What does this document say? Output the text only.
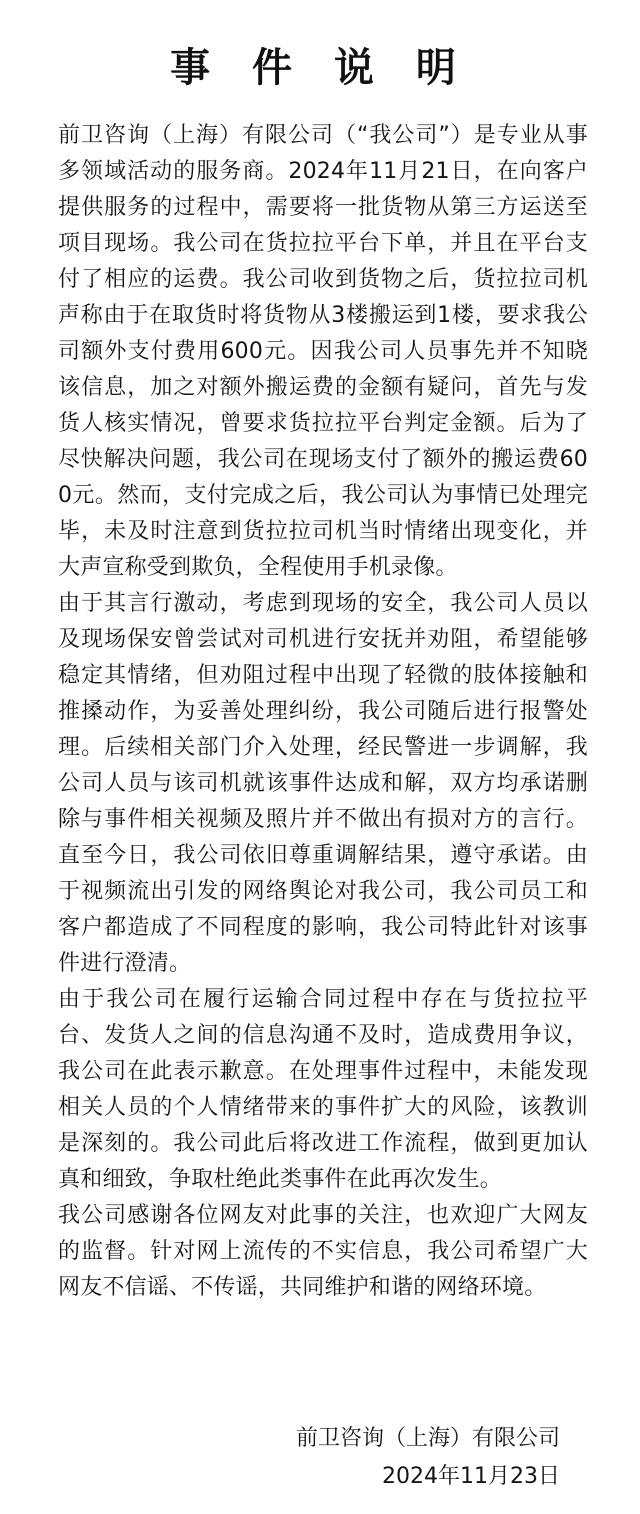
事 件 说 明

前卫咨询（上海）有限公司（“我公司”）是专业从事多领域活动的服务商。2024年11月21日，在向客户提供服务的过程中，需要将一批货物从第三方运送至项目现场。我公司在货拉拉平台下单，并且在平台支付了相应的运费。我公司收到货物之后，货拉拉司机声称由于在取货时将货物从3楼搬运到1楼，要求我公司额外支付费用600元。因我公司人员事先并不知晓该信息，加之对额外搬运费的金额有疑问，首先与发货人核实情况，曾要求货拉拉平台判定金额。后为了尽快解决问题，我公司在现场支付了额外的搬运费600元。然而，支付完成之后，我公司认为事情已处理完毕，未及时注意到货拉拉司机当时情绪出现变化，并大声宣称受到欺负，全程使用手机录像。

由于其言行激动，考虑到现场的安全，我公司人员以及现场保安曾尝试对司机进行安抚并劝阻，希望能够稳定其情绪，但劝阻过程中出现了轻微的肢体接触和推搡动作，为妥善处理纠纷，我公司随后进行报警处理。后续相关部门介入处理，经民警进一步调解，我公司人员与该司机就该事件达成和解，双方均承诺删除与事件相关视频及照片并不做出有损对方的言行。直至今日，我公司依旧尊重调解结果，遵守承诺。由于视频流出引发的网络舆论对我公司，我公司员工和客户都造成了不同程度的影响，我公司特此针对该事件进行澄清。

由于我公司在履行运输合同过程中存在与货拉拉平台、发货人之间的信息沟通不及时，造成费用争议，我公司在此表示歉意。在处理事件过程中，未能发现相关人员的个人情绪带来的事件扩大的风险，该教训是深刻的。我公司此后将改进工作流程，做到更加认真和细致，争取杜绝此类事件在此再次发生。

我公司感谢各位网友对此事的关注，也欢迎广大网友的监督。针对网上流传的不实信息，我公司希望广大网友不信谣、不传谣，共同维护和谐的网络环境。

前卫咨询（上海）有限公司
2024年11月23日
